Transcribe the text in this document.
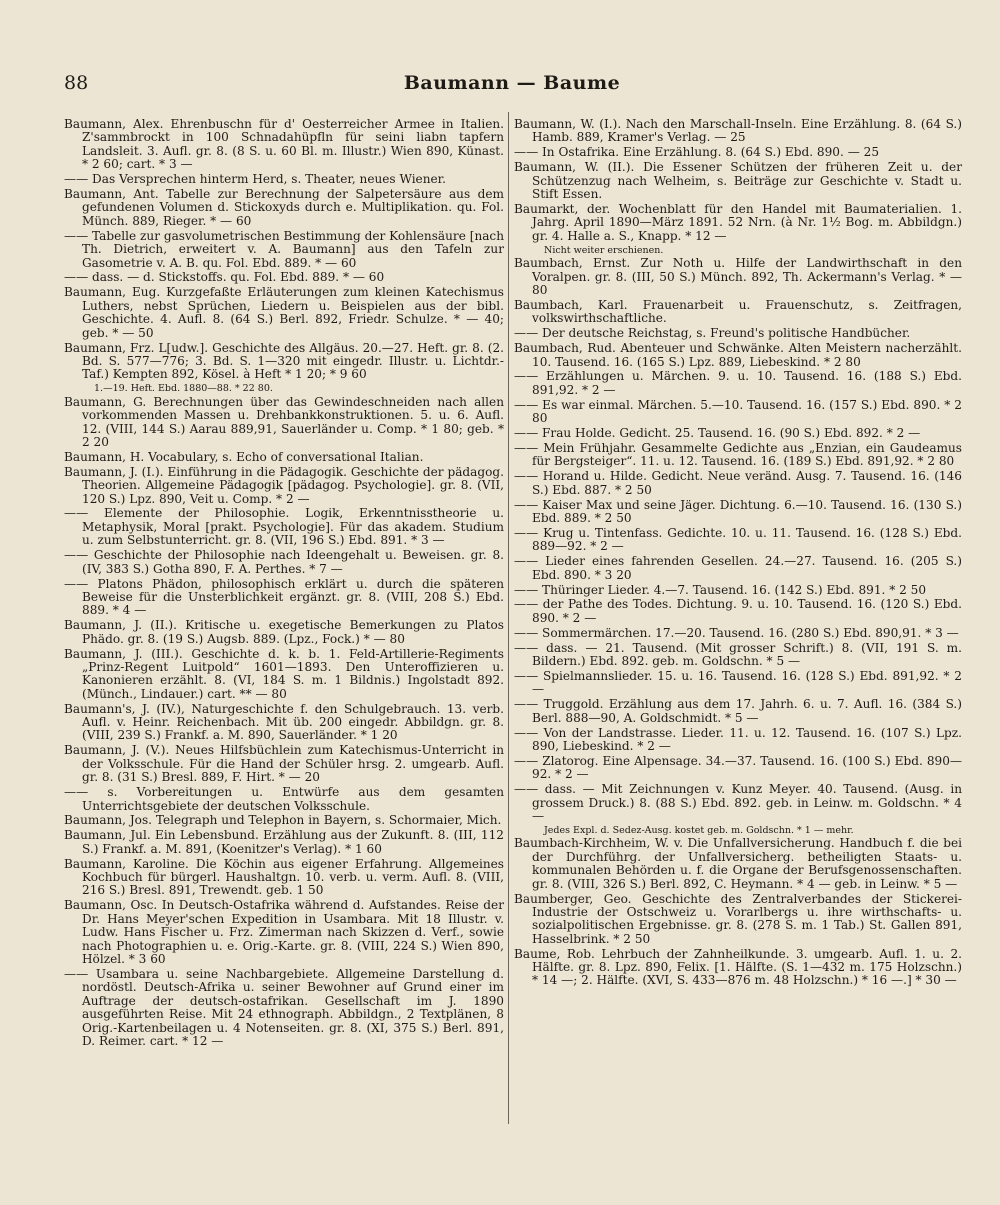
88	Baumann — Baume

Baumann, Alex. Ehrenbuschn für d' Oesterreicher Armee in Italien. Z'sammbrockt in 100 Schnadahüpfln für seini liabn tapfern Landsleit. 3. Aufl. gr. 8. (8 S. u. 60 Bl. m. Illustr.) Wien 890, Künast. * 2 60; cart. * 3 —

—— Das Versprechen hinterm Herd, s. Theater, neues Wiener.

Baumann, Ant. Tabelle zur Berechnung der Salpetersäure aus dem gefundenen Volumen d. Stickoxyds durch e. Multiplikation. qu. Fol. Münch. 889, Rieger. * — 60

—— Tabelle zur gasvolumetrischen Bestimmung der Kohlensäure [nach Th. Dietrich, erweitert v. A. Baumann] aus den Tafeln zur Gasometrie v. A. B. qu. Fol. Ebd. 889. * — 60

—— dass. — d. Stickstoffs. qu. Fol. Ebd. 889. * — 60

Baumann, Eug. Kurzgefaßte Erläuterungen zum kleinen Katechismus Luthers, nebst Sprüchen, Liedern u. Beispielen aus der bibl. Geschichte. 4. Aufl. 8. (64 S.) Berl. 892, Friedr. Schulze. * — 40; geb. * — 50

Baumann, Frz. L[udw.]. Geschichte des Allgäus. 20.—27. Heft. gr. 8. (2. Bd. S. 577—776; 3. Bd. S. 1—320 mit eingedr. Illustr. u. Lichtdr.-Taf.) Kempten 892, Kösel. à Heft * 1 20; * 9 60

1.—19. Heft. Ebd. 1880—88. * 22 80.

Baumann, G. Berechnungen über das Gewindeschneiden nach allen vorkommenden Massen u. Drehbankkonstruktionen. 5. u. 6. Aufl. 12. (VIII, 144 S.) Aarau 889,91, Sauerländer u. Comp. * 1 80; geb. * 2 20

Baumann, H. Vocabulary, s. Echo of conversational Italian.

Baumann, J. (I.). Einführung in die Pädagogik. Geschichte der pädagog. Theorien. Allgemeine Pädagogik [pädagog. Psychologie]. gr. 8. (VII, 120 S.) Lpz. 890, Veit u. Comp. * 2 —

—— Elemente der Philosophie. Logik, Erkenntnisstheorie u. Metaphysik, Moral [prakt. Psychologie]. Für das akadem. Studium u. zum Selbstunterricht. gr. 8. (VII, 196 S.) Ebd. 891. * 3 —

—— Geschichte der Philosophie nach Ideengehalt u. Beweisen. gr. 8. (IV, 383 S.) Gotha 890, F. A. Perthes. * 7 —

—— Platons Phädon, philosophisch erklärt u. durch die späteren Beweise für die Unsterblichkeit ergänzt. gr. 8. (VIII, 208 S.) Ebd. 889. * 4 —

Baumann, J. (II.). Kritische u. exegetische Bemerkungen zu Platos Phädo. gr. 8. (19 S.) Augsb. 889. (Lpz., Fock.) * — 80

Baumann, J. (III.). Geschichte d. k. b. 1. Feld-Artillerie-Regiments „Prinz-Regent Luitpold“ 1601—1893. Den Unteroffizieren u. Kanonieren erzählt. 8. (VI, 184 S. m. 1 Bildnis.) Ingolstadt 892. (Münch., Lindauer.) cart. ** — 80

Baumann's, J. (IV.), Naturgeschichte f. den Schulgebrauch. 13. verb. Aufl. v. Heinr. Reichenbach. Mit üb. 200 eingedr. Abbildgn. gr. 8. (VIII, 239 S.) Frankf. a. M. 890, Sauerländer. * 1 20

Baumann, J. (V.). Neues Hilfsbüchlein zum Katechismus-Unterricht in der Volksschule. Für die Hand der Schüler hrsg. 2. umgearb. Aufl. gr. 8. (31 S.) Bresl. 889, F. Hirt. * — 20

—— s. Vorbereitungen u. Entwürfe aus dem gesamten Unterrichtsgebiete der deutschen Volksschule.

Baumann, Jos. Telegraph und Telephon in Bayern, s. Schormaier, Mich.

Baumann, Jul. Ein Lebensbund. Erzählung aus der Zukunft. 8. (III, 112 S.) Frankf. a. M. 891, (Koenitzer's Verlag). * 1 60

Baumann, Karoline. Die Köchin aus eigener Erfahrung. Allgemeines Kochbuch für bürgerl. Haushaltgn. 10. verb. u. verm. Aufl. 8. (VIII, 216 S.) Bresl. 891, Trewendt. geb. 1 50

Baumann, Osc. In Deutsch-Ostafrika während d. Aufstandes. Reise der Dr. Hans Meyer'schen Expedition in Usambara. Mit 18 Illustr. v. Ludw. Hans Fischer u. Frz. Zimerman nach Skizzen d. Verf., sowie nach Photographien u. e. Orig.-Karte. gr. 8. (VIII, 224 S.) Wien 890, Hölzel. * 3 60

—— Usambara u. seine Nachbargebiete. Allgemeine Darstellung d. nordöstl. Deutsch-Afrika u. seiner Bewohner auf Grund einer im Auftrage der deutsch-ostafrikan. Gesellschaft im J. 1890 ausgeführten Reise. Mit 24 ethnograph. Abbildgn., 2 Textplänen, 8 Orig.-Kartenbeilagen u. 4 Notenseiten. gr. 8. (XI, 375 S.) Berl. 891, D. Reimer. cart. * 12 —

Baumann, W. (I.). Nach den Marschall-Inseln. Eine Erzählung. 8. (64 S.) Hamb. 889, Kramer's Verlag. — 25

—— In Ostafrika. Eine Erzählung. 8. (64 S.) Ebd. 890. — 25

Baumann, W. (II.). Die Essener Schützen der früheren Zeit u. der Schützenzug nach Welheim, s. Beiträge zur Geschichte v. Stadt u. Stift Essen.

Baumarkt, der. Wochenblatt für den Handel mit Baumaterialien. 1. Jahrg. April 1890—März 1891. 52 Nrn. (à Nr. 1½ Bog. m. Abbildgn.) gr. 4. Halle a. S., Knapp. * 12 —

Nicht weiter erschienen.

Baumbach, Ernst. Zur Noth u. Hilfe der Landwirthschaft in den Voralpen. gr. 8. (III, 50 S.) Münch. 892, Th. Ackermann's Verlag. * — 80

Baumbach, Karl. Frauenarbeit u. Frauenschutz, s. Zeitfragen, volkswirthschaftliche.

—— Der deutsche Reichstag, s. Freund's politische Handbücher.

Baumbach, Rud. Abenteuer und Schwänke. Alten Meistern nacherzählt. 10. Tausend. 16. (165 S.) Lpz. 889, Liebeskind. * 2 80

—— Erzählungen u. Märchen. 9. u. 10. Tausend. 16. (188 S.) Ebd. 891,92. * 2 —

—— Es war einmal. Märchen. 5.—10. Tausend. 16. (157 S.) Ebd. 890. * 2 80

—— Frau Holde. Gedicht. 25. Tausend. 16. (90 S.) Ebd. 892. * 2 —

—— Mein Frühjahr. Gesammelte Gedichte aus „Enzian, ein Gaudeamus für Bergsteiger“. 11. u. 12. Tausend. 16. (189 S.) Ebd. 891,92. * 2 80

—— Horand u. Hilde. Gedicht. Neue veränd. Ausg. 7. Tausend. 16. (146 S.) Ebd. 887. * 2 50

—— Kaiser Max und seine Jäger. Dichtung. 6.—10. Tausend. 16. (130 S.) Ebd. 889. * 2 50

—— Krug u. Tintenfass. Gedichte. 10. u. 11. Tausend. 16. (128 S.) Ebd. 889—92. * 2 —

—— Lieder eines fahrenden Gesellen. 24.—27. Tausend. 16. (205 S.) Ebd. 890. * 3 20

—— Thüringer Lieder. 4.—7. Tausend. 16. (142 S.) Ebd. 891. * 2 50

—— der Pathe des Todes. Dichtung. 9. u. 10. Tausend. 16. (120 S.) Ebd. 890. * 2 —

—— Sommermärchen. 17.—20. Tausend. 16. (280 S.) Ebd. 890,91. * 3 —

—— dass. — 21. Tausend. (Mit grosser Schrift.) 8. (VII, 191 S. m. Bildern.) Ebd. 892. geb. m. Goldschn. * 5 —

—— Spielmannslieder. 15. u. 16. Tausend. 16. (128 S.) Ebd. 891,92. * 2 —

—— Truggold. Erzählung aus dem 17. Jahrh. 6. u. 7. Aufl. 16. (384 S.) Berl. 888—90, A. Goldschmidt. * 5 —

—— Von der Landstrasse. Lieder. 11. u. 12. Tausend. 16. (107 S.) Lpz. 890, Liebeskind. * 2 —

—— Zlatorog. Eine Alpensage. 34.—37. Tausend. 16. (100 S.) Ebd. 890—92. * 2 —

—— dass. — Mit Zeichnungen v. Kunz Meyer. 40. Tausend. (Ausg. in grossem Druck.) 8. (88 S.) Ebd. 892. geb. in Leinw. m. Goldschn. * 4 —

Jedes Expl. d. Sedez-Ausg. kostet geb. m. Goldschn. * 1 — mehr.

Baumbach-Kirchheim, W. v. Die Unfallversicherung. Handbuch f. die bei der Durchführg. der Unfallversicherg. betheiligten Staats- u. kommunalen Behörden u. f. die Organe der Berufsgenossenschaften. gr. 8. (VIII, 326 S.) Berl. 892, C. Heymann. * 4 — geb. in Leinw. * 5 —

Baumberger, Geo. Geschichte des Zentralverbandes der Stickerei-Industrie der Ostschweiz u. Vorarlbergs u. ihre wirthschafts- u. sozialpolitischen Ergebnisse. gr. 8. (278 S. m. 1 Tab.) St. Gallen 891, Hasselbrink. * 2 50

Baume, Rob. Lehrbuch der Zahnheilkunde. 3. umgearb. Aufl. 1. u. 2. Hälfte. gr. 8. Lpz. 890, Felix. [1. Hälfte. (S. 1—432 m. 175 Holzschn.) * 14 —; 2. Hälfte. (XVI, S. 433—876 m. 48 Holzschn.) * 16 —.] * 30 —
